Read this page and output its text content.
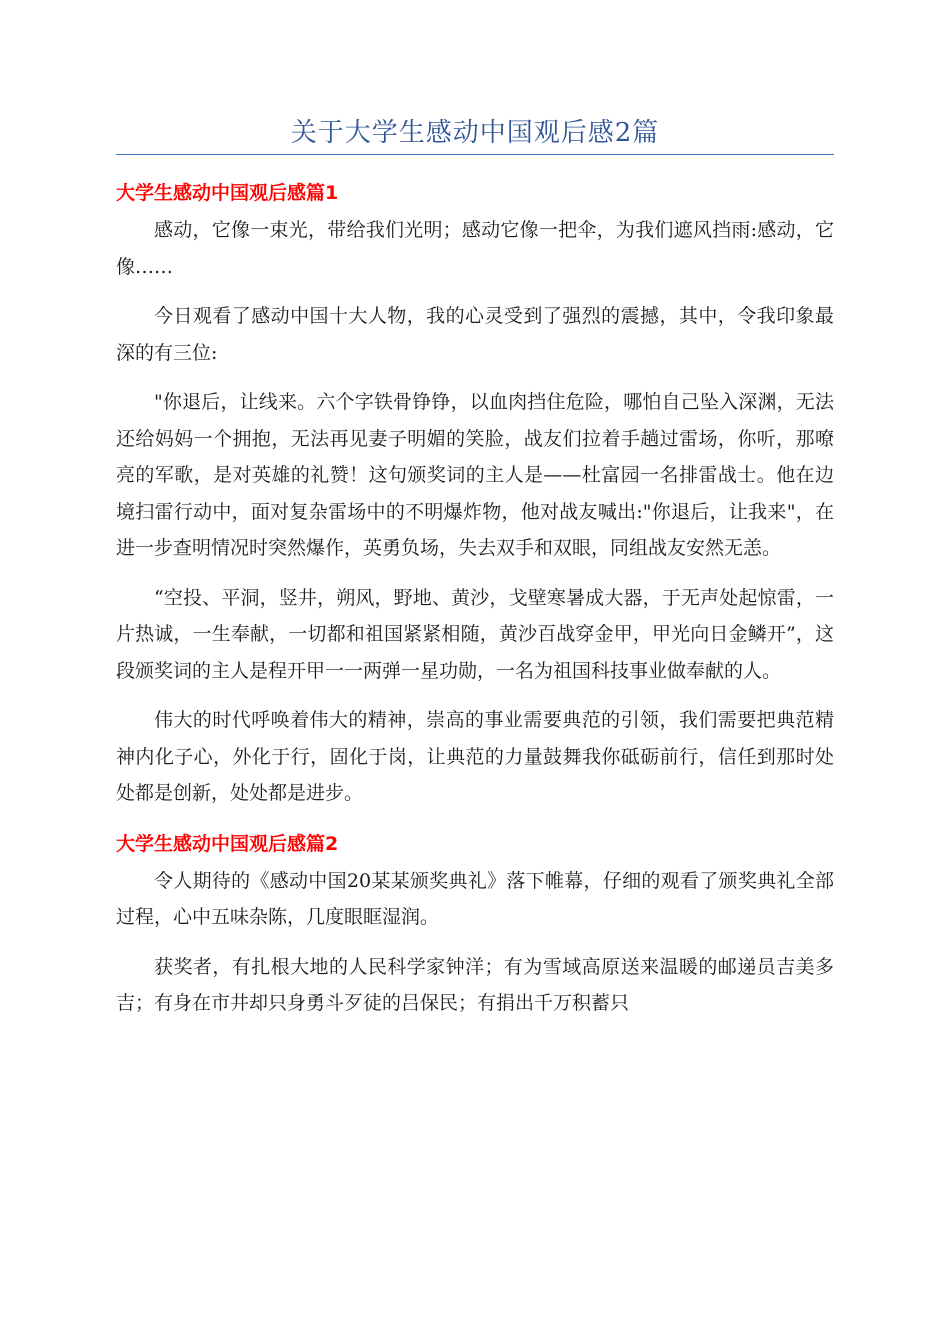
关于大学生感动中国观后感2篇
大学生感动中国观后感篇1

感动，它像一束光，带给我们光明；感动它像一把伞，为我们遮风挡雨:感动，它像……

今日观看了感动中国十大人物，我的心灵受到了强烈的震撼，其中，令我印象最深的有三位:

"你退后，让线来。六个字铁骨铮铮，以血肉挡住危险，哪怕自己坠入深渊，无法还给妈妈一个拥抱，无法再见妻子明媚的笑脸，战友们拉着手趟过雷场，你听，那嘹亮的军歌，是对英雄的礼赞！这句颁奖词的主人是——杜富园一名排雷战士。他在边境扫雷行动中，面对复杂雷场中的不明爆炸物，他对战友喊出:"你退后，让我来"，在进一步查明情况时突然爆作，英勇负场，失去双手和双眼，同组战友安然无恙。

“空投、平洞，竖井，朔风，野地、黄沙，戈壁寒暑成大器，于无声处起惊雷，一片热诚，一生奉献，一切都和祖国紧紧相随，黄沙百战穿金甲，甲光向日金鳞开”，这段颁奖词的主人是程开甲一一两弹一星功勋，一名为祖国科技事业做奉献的人。

伟大的时代呼唤着伟大的精神，崇高的事业需要典范的引领，我们需要把典范精神内化子心，外化于行，固化于岗，让典范的力量鼓舞我你砥砺前行，信任到那时处处都是创新，处处都是进步。

大学生感动中国观后感篇2

令人期待的《感动中国20某某颁奖典礼》落下帷幕，仔细的观看了颁奖典礼全部过程，心中五味杂陈，几度眼眶湿润。

获奖者，有扎根大地的人民科学家钟洋；有为雪域高原送来温暖的邮递员吉美多吉；有身在市井却只身勇斗歹徒的吕保民；有捐出千万积蓄只
